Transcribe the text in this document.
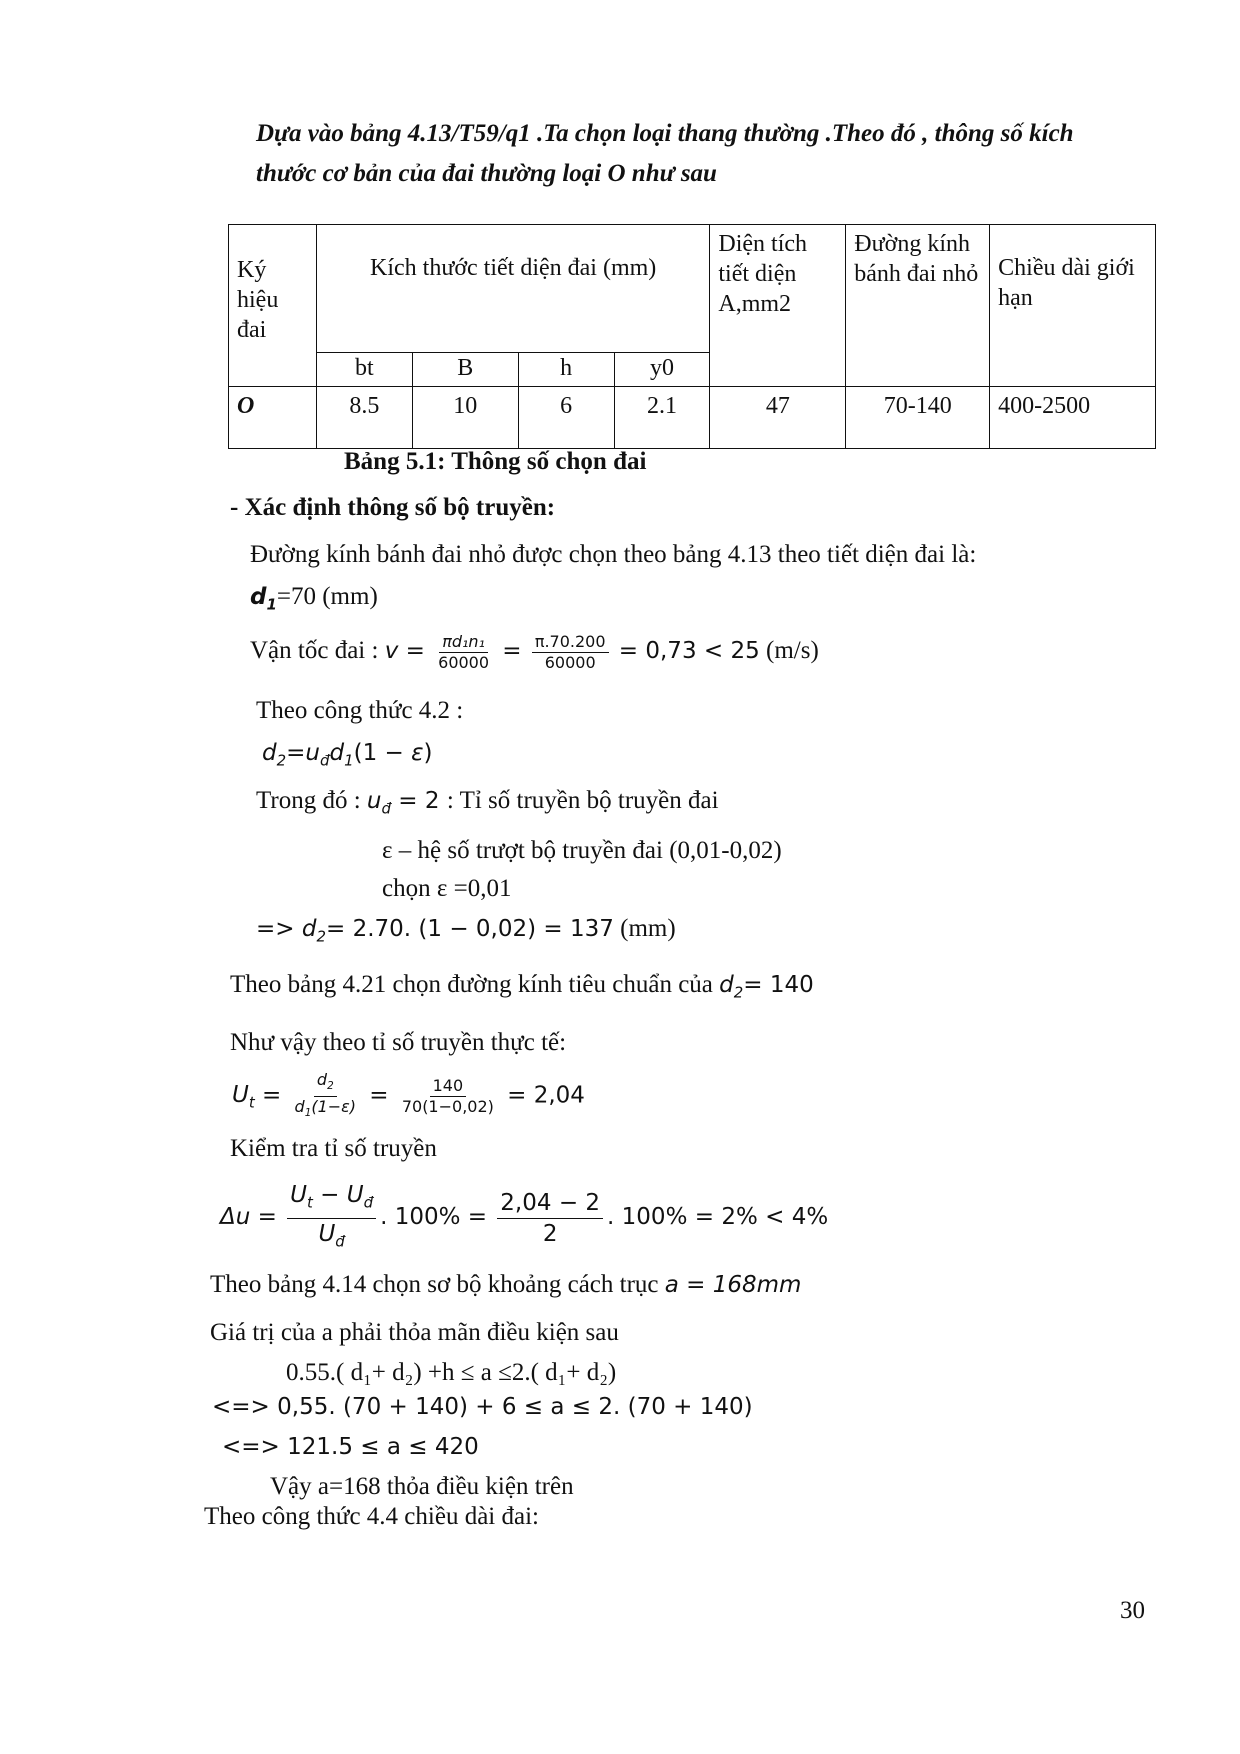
Dựa vào bảng 4.13/T59/q1 .Ta chọn loại thang thường .Theo đó , thông số kích
thước cơ bản của đai thường loại O như sau
Ký hiệu đai	Kích thước tiết diện đai (mm)				Diện tích tiết diện A,mm2	Đường kính bánh đai nhỏ	Chiều dài giới hạn
	bt	B	h	y0			
O	8.5	10	6	2.1	47	70-140	400-2500
Bảng 5.1: Thông số chọn đai
- Xác định thông số bộ truyền:
Đường kính bánh đai nhỏ được chọn theo bảng 4.13 theo tiết diện đai là:
$d_1=70$ (mm)
Vận tốc đai : $v = \frac{\text{πd₁n₁}}{60000} = \frac{\pi.70.200}{60000} = 0,73 < 25$ (m/s)
Theo công thức 4.2 :
$d_2=u_đd_1(1 - \varepsilon)$
Trong đó : $u_đ = 2$ : Tỉ số truyền bộ truyền đai
ε – hệ số trượt bộ truyền đai (0,01-0,02)
chọn ε =0,01
=> $d_2= 2.70$. (1 − 0,02) = 137 (mm)
Theo bảng 4.21 chọn đường kính tiêu chuẩn của $d_2= 140$
Như vậy theo tỉ số truyền thực tế:
$U_t = \frac{d_2}{d_1(1-\varepsilon)} = \frac{140}{70(1-0,02)} = 2,04$
Kiểm tra tỉ số truyền
$\Delta u = \frac{U_t - U_đ}{U_đ}$ . $100\% = \frac{2,04 - 2}{2}$ . 100% = 2% < 4%
Theo bảng 4.14 chọn sơ bộ khoảng cách trục a = 168mm
Giá trị của a phải thỏa mãn điều kiện sau
0.55.( d₁+ d₂) +h ≤ a ≤2.( d₁+ d₂)
<=> 0,55. (70 + 140) + 6 ≤ a ≤ 2. (70 + 140)
<=> 121.5 ≤ a ≤ 420
Vậy a=168 thỏa điều kiện trên
Theo công thức 4.4 chiều dài đai:
30
